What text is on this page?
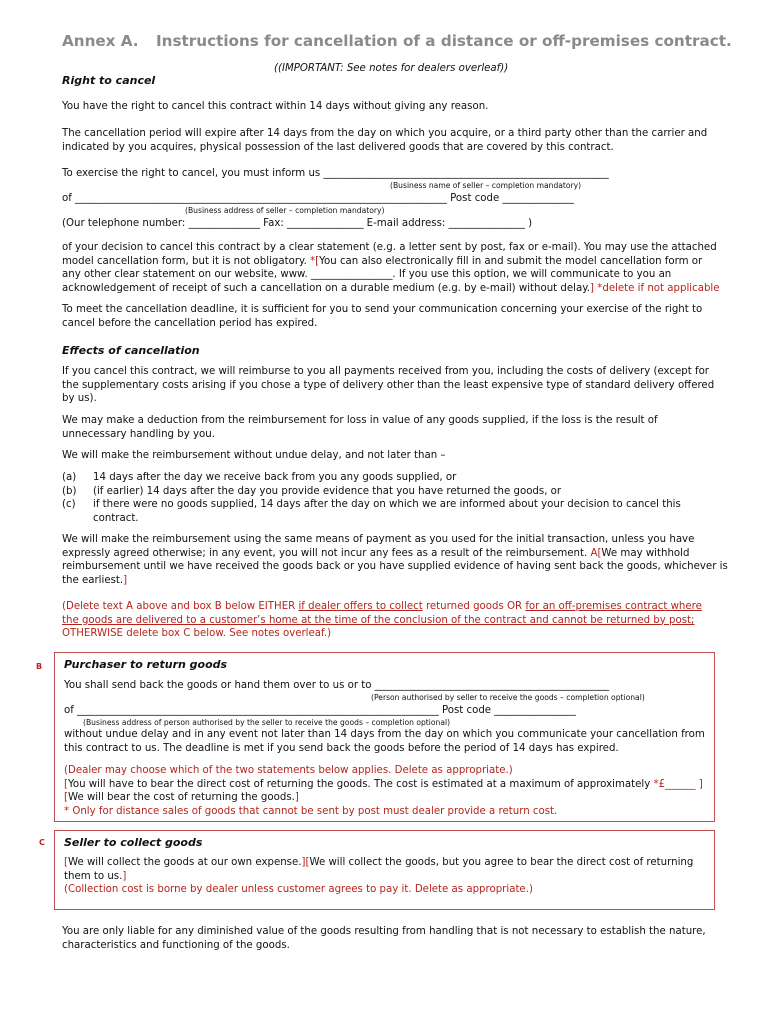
Annex A. Instructions for cancellation of a distance or off-premises contract.
((IMPORTANT: See notes for dealers overleaf))
Right to cancel
You have the right to cancel this contract within 14 days without giving any reason.
The cancellation period will expire after 14 days from the day on which you acquire, or a third party other than the carrier and
indicated by you acquires, physical possession of the last delivered goods that are covered by this contract.
To exercise the right to cancel, you must inform us ________________________________________________________
(Business name of seller – completion mandatory)
of _________________________________________________________________________ Post code ______________
(Business address of seller – completion mandatory)
(Our telephone number: ______________ Fax: _______________ E-mail address: _______________ )
of your decision to cancel this contract by a clear statement (e.g. a letter sent by post, fax or e-mail). You may use the attached
model cancellation form, but it is not obligatory. *[You can also electronically fill in and submit the model cancellation form or
any other clear statement on our website, www. ________________. If you use this option, we will communicate to you an
acknowledgement of receipt of such a cancellation on a durable medium (e.g. by e-mail) without delay.] *delete if not applicable
To meet the cancellation deadline, it is sufficient for you to send your communication concerning your exercise of the right to
cancel before the cancellation period has expired.
Effects of cancellation
If you cancel this contract, we will reimburse to you all payments received from you, including the costs of delivery (except for
the supplementary costs arising if you chose a type of delivery other than the least expensive type of standard delivery offered
by us).
We may make a deduction from the reimbursement for loss in value of any goods supplied, if the loss is the result of
unnecessary handling by you.
We will make the reimbursement without undue delay, and not later than –
(a) 14 days after the day we receive back from you any goods supplied, or
(b) (if earlier) 14 days after the day you provide evidence that you have returned the goods, or
(c) if there were no goods supplied, 14 days after the day on which we are informed about your decision to cancel this
contract.
We will make the reimbursement using the same means of payment as you used for the initial transaction, unless you have
expressly agreed otherwise; in any event, you will not incur any fees as a result of the reimbursement. A[We may withhold
reimbursement until we have received the goods back or you have supplied evidence of having sent back the goods, whichever is
the earliest.]
(Delete text A above and box B below EITHER if dealer offers to collect returned goods OR for an off-premises contract where
the goods are delivered to a customer’s home at the time of the conclusion of the contract and cannot be returned by post;
OTHERWISE delete box C below. See notes overleaf.)
B Purchaser to return goods
You shall send back the goods or hand them over to us or to ______________________________________________
(Person authorised by seller to receive the goods – completion optional)
of _______________________________________________________________________ Post code ________________
(Business address of person authorised by the seller to receive the goods – completion optional)
without undue delay and in any event not later than 14 days from the day on which you communicate your cancellation from
this contract to us. The deadline is met if you send back the goods before the period of 14 days has expired.
(Dealer may choose which of the two statements below applies. Delete as appropriate.)
[You will have to bear the direct cost of returning the goods. The cost is estimated at a maximum of approximately *£______ ]
[We will bear the cost of returning the goods.]
* Only for distance sales of goods that cannot be sent by post must dealer provide a return cost.
C Seller to collect goods
[We will collect the goods at our own expense.][We will collect the goods, but you agree to bear the direct cost of returning
them to us.]
(Collection cost is borne by dealer unless customer agrees to pay it. Delete as appropriate.)
You are only liable for any diminished value of the goods resulting from handling that is not necessary to establish the nature,
characteristics and functioning of the goods.
